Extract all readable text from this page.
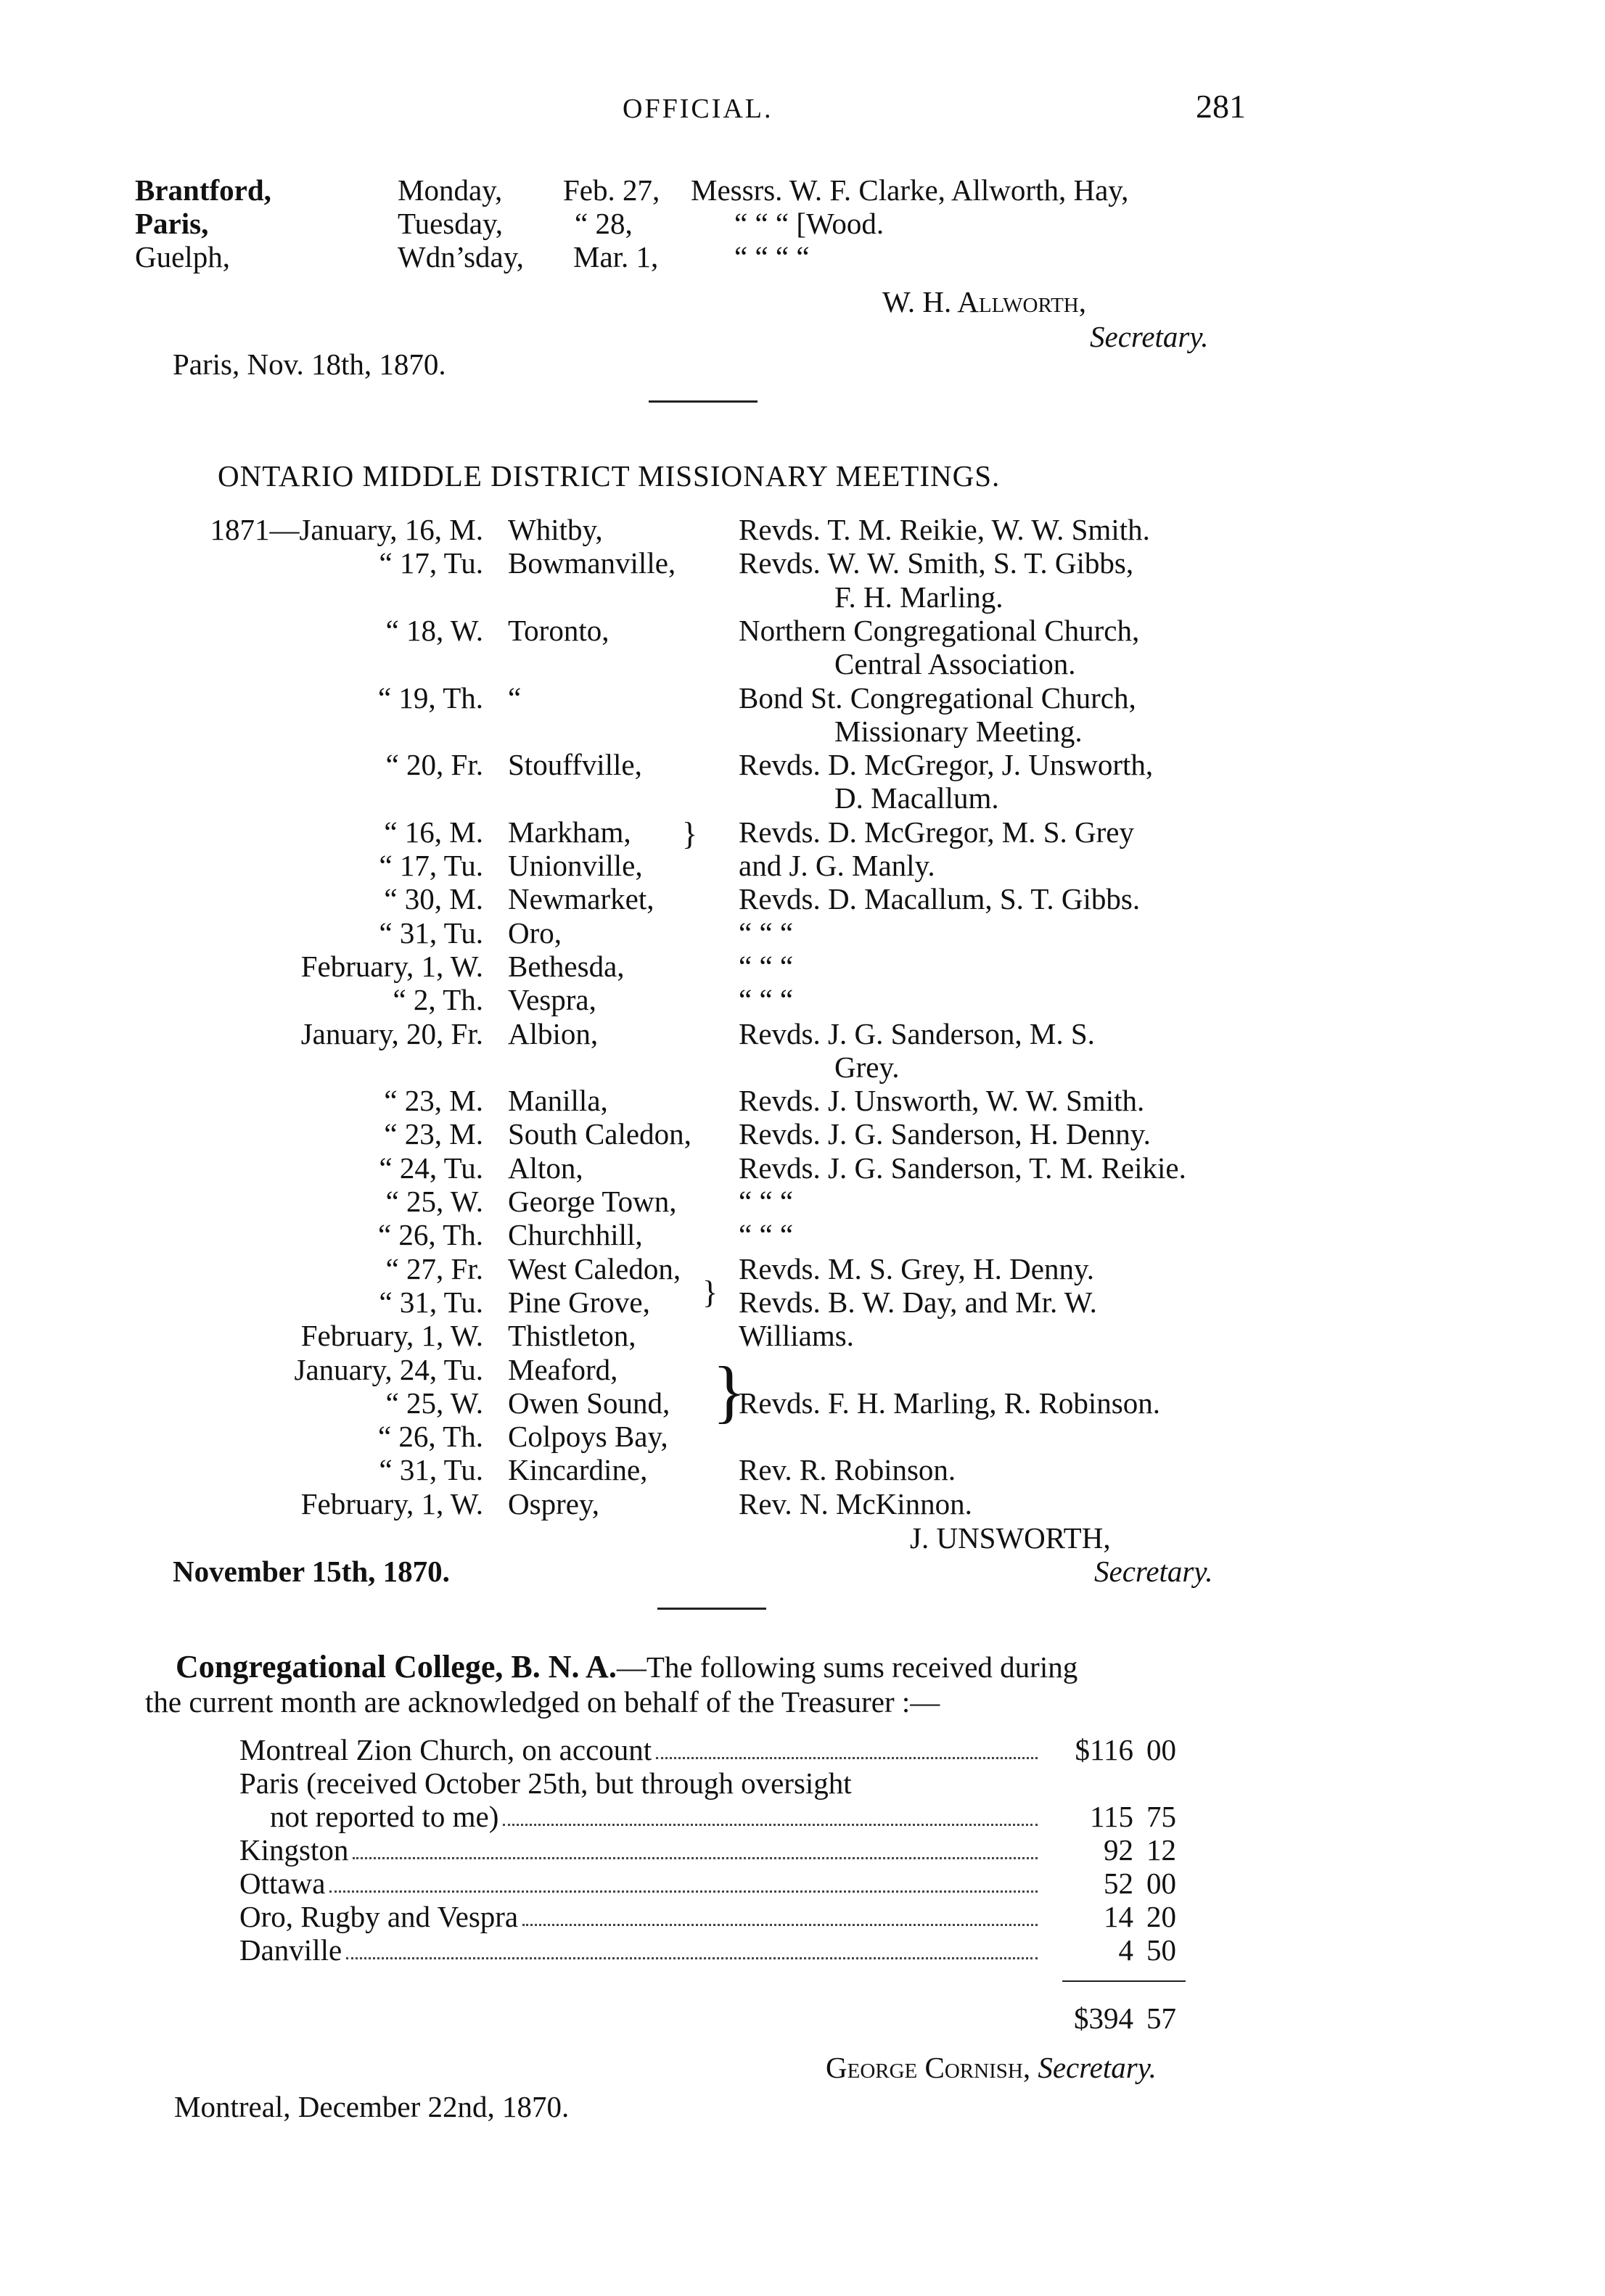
OFFICIAL.	281
Brantford,	Monday, Feb. 27, Messrs. W. F. Clarke, Allworth, Hay,
Paris,	Tuesday, “ 28,	“ “ “ [Wood.
Guelph,	Wdn’sday, Mar. 1,	“ “ “ “
W. H. Allworth,
Secretary.
Paris, Nov. 18th, 1870.
ONTARIO MIDDLE DISTRICT MISSIONARY MEETINGS.
1871—January, 16, M. Whitby,	Revds. T. M. Reikie, W. W. Smith.
“ 17, Tu. Bowmanville, Revds. W. W. Smith, S. T. Gibbs,
F. H. Marling.
“ 18, W. Toronto,	Northern Congregational Church,
Central Association.
“ 19, Th. “	Bond St. Congregational Church,
Missionary Meeting.
“ 20, Fr. Stouffville,	Revds. D. McGregor, J. Unsworth,
D. Macallum.
“ 16, M. Markham,	Revds. D. McGregor, M. S. Grey
“ 17, Tu. Unionville,	and J. G. Manly.
“ 30, M. Newmarket,	Revds. D. Macallum, S. T. Gibbs.
“ 31, Tu. Oro,	“ “ “
February, 1, W. Bethesda,	“ “ “
“ 2, Th. Vespra,	“ “ “
January, 20, Fr. Albion,	Revds. J. G. Sanderson, M. S.
Grey.
“ 23, M. Manilla,	Revds. J. Unsworth, W. W. Smith.
“ 23, M. South Caledon, Revds. J. G. Sanderson, H. Denny.
“ 24, Tu. Alton,	Revds. J. G. Sanderson, T. M. Reikie.
“ 25, W. George Town, “ “ “
“ 26, Th. Churchhill,	“ “ “
“ 27, Fr. West Caledon, Revds. M. S. Grey, H. Denny.
“ 31, Tu. Pine Grove,	Revds. B. W. Day, and Mr. W.
February, 1, W. Thistleton,	Williams.
January, 24, Tu. Meaford,
“ 25, W. Owen Sound, Revds. F. H. Marling, R. Robinson.
“ 26, Th. Colpoys Bay,
“ 31, Tu. Kincardine,	Rev. R. Robinson.
February, 1, W. Osprey,	Rev. N. McKinnon.
}
}
}
J. UNSWORTH,
Secretary.
November 15th, 1870.
Congregational College, B. N. A.—The following sums received during
the current month are acknowledged on behalf of the Treasurer :—
Montreal Zion Church, on account	$116 00
Paris (received October 25th, but through oversight
not reported to me)	115 75
Kingston	92 12
Ottawa	52 00
Oro, Rugby and Vespra	14 20
Danville	4 50
$394 57
George Cornish, Secretary.
Montreal, December 22nd, 1870.
